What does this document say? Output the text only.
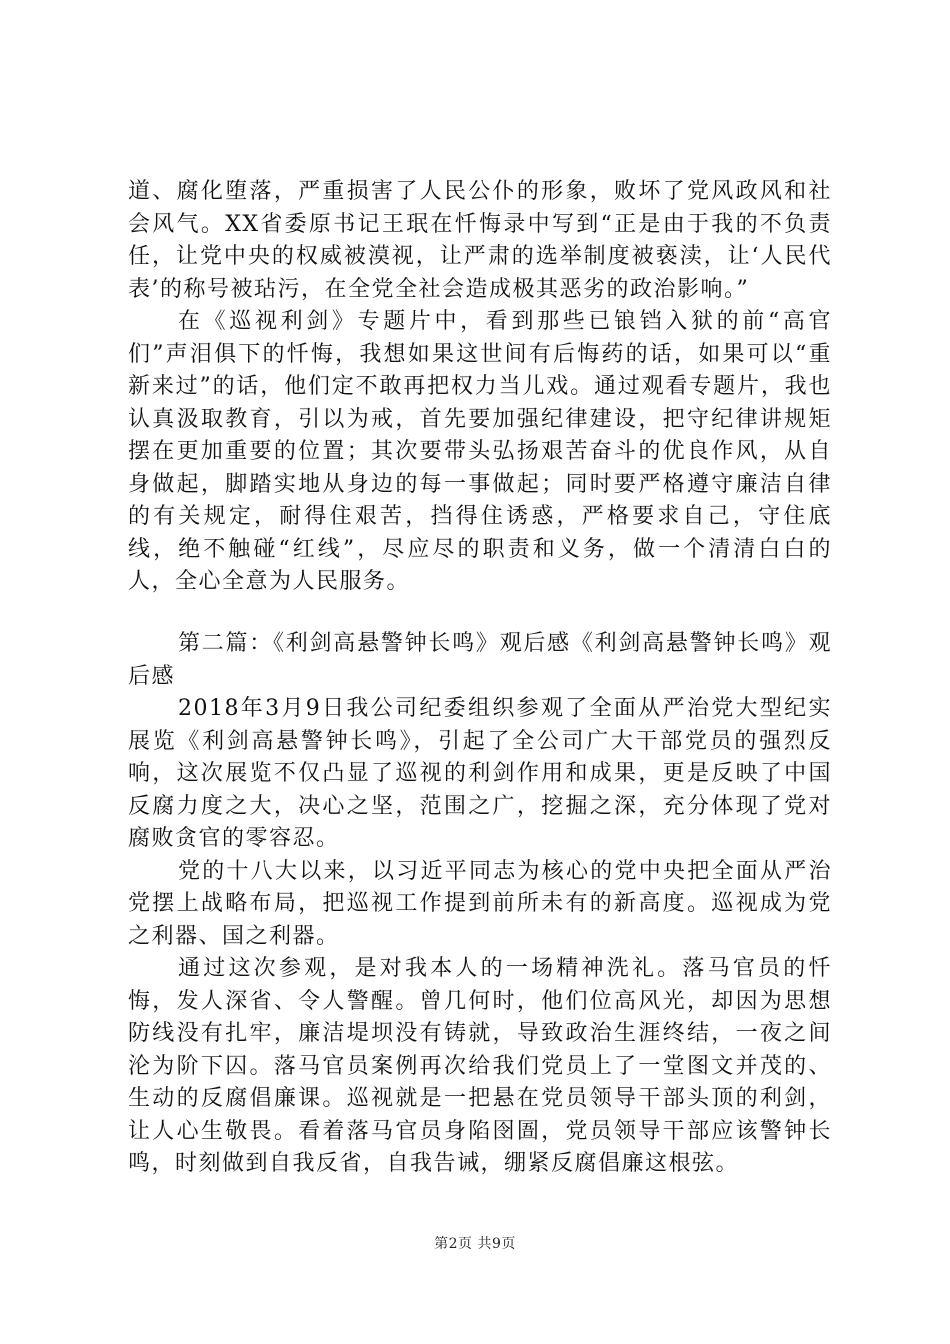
道、腐化堕落，严重损害了人民公仆的形象，败坏了党风政风和社会风气。XX省委原书记王珉在忏悔录中写到“正是由于我的不负责任，让党中央的权威被漠视，让严肃的选举制度被亵渎，让‘人民代表’的称号被玷污，在全党全社会造成极其恶劣的政治影响。”

在《巡视利剑》专题片中，看到那些已锒铛入狱的前“高官们”声泪俱下的忏悔，我想如果这世间有后悔药的话，如果可以“重新来过”的话，他们定不敢再把权力当儿戏。通过观看专题片，我也认真汲取教育，引以为戒，首先要加强纪律建设，把守纪律讲规矩摆在更加重要的位置；其次要带头弘扬艰苦奋斗的优良作风，从自身做起，脚踏实地从身边的每一事做起；同时要严格遵守廉洁自律的有关规定，耐得住艰苦，挡得住诱惑，严格要求自己，守住底线，绝不触碰“红线”，尽应尽的职责和义务，做一个清清白白的人，全心全意为人民服务。

第二篇：《利剑高悬警钟长鸣》观后感《利剑高悬警钟长鸣》观后感

2018年3月9日我公司纪委组织参观了全面从严治党大型纪实展览《利剑高悬警钟长鸣》，引起了全公司广大干部党员的强烈反响，这次展览不仅凸显了巡视的利剑作用和成果，更是反映了中国反腐力度之大，决心之坚，范围之广，挖掘之深，充分体现了党对腐败贪官的零容忍。

党的十八大以来，以习近平同志为核心的党中央把全面从严治党摆上战略布局，把巡视工作提到前所未有的新高度。巡视成为党之利器、国之利器。

通过这次参观，是对我本人的一场精神洗礼。落马官员的忏悔，发人深省、令人警醒。曾几何时，他们位高风光，却因为思想防线没有扎牢，廉洁堤坝没有铸就，导致政治生涯终结，一夜之间沦为阶下囚。落马官员案例再次给我们党员上了一堂图文并茂的、生动的反腐倡廉课。巡视就是一把悬在党员领导干部头顶的利剑，让人心生敬畏。看着落马官员身陷囹圄，党员领导干部应该警钟长鸣，时刻做到自我反省，自我告诫，绷紧反腐倡廉这根弦。

第2页 共9页
